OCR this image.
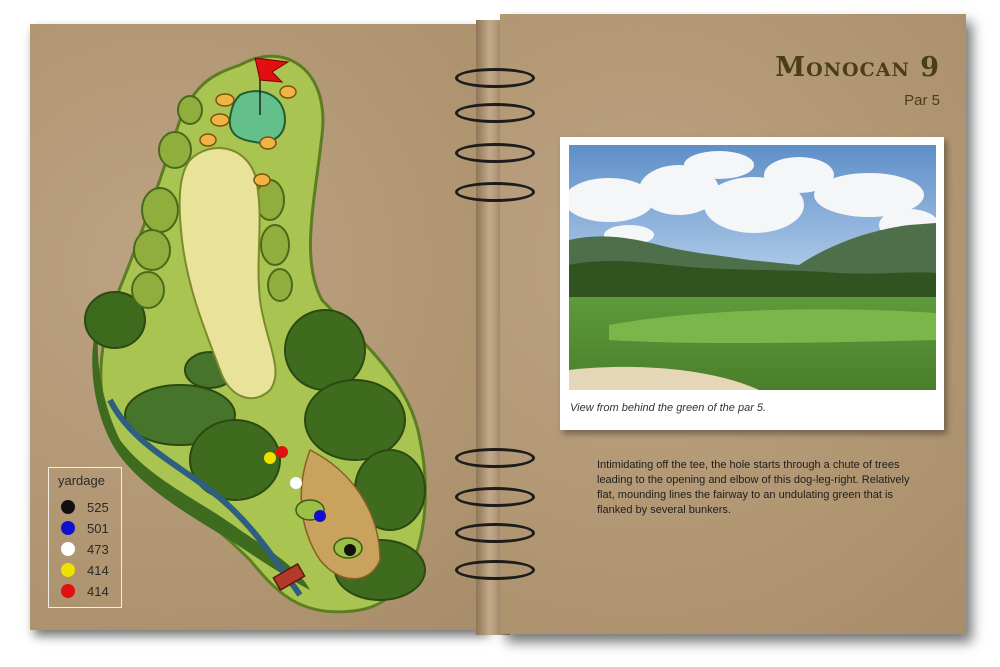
yardage
525
501
473
414
414
Monocan 9
Par 5
View from behind the green of the par 5.
Intimidating off the tee, the hole starts through a chute of trees leading to the opening and elbow of this dog-leg-right. Relatively flat, mounding lines the fairway to an undulating green that is flanked by several bunkers.
